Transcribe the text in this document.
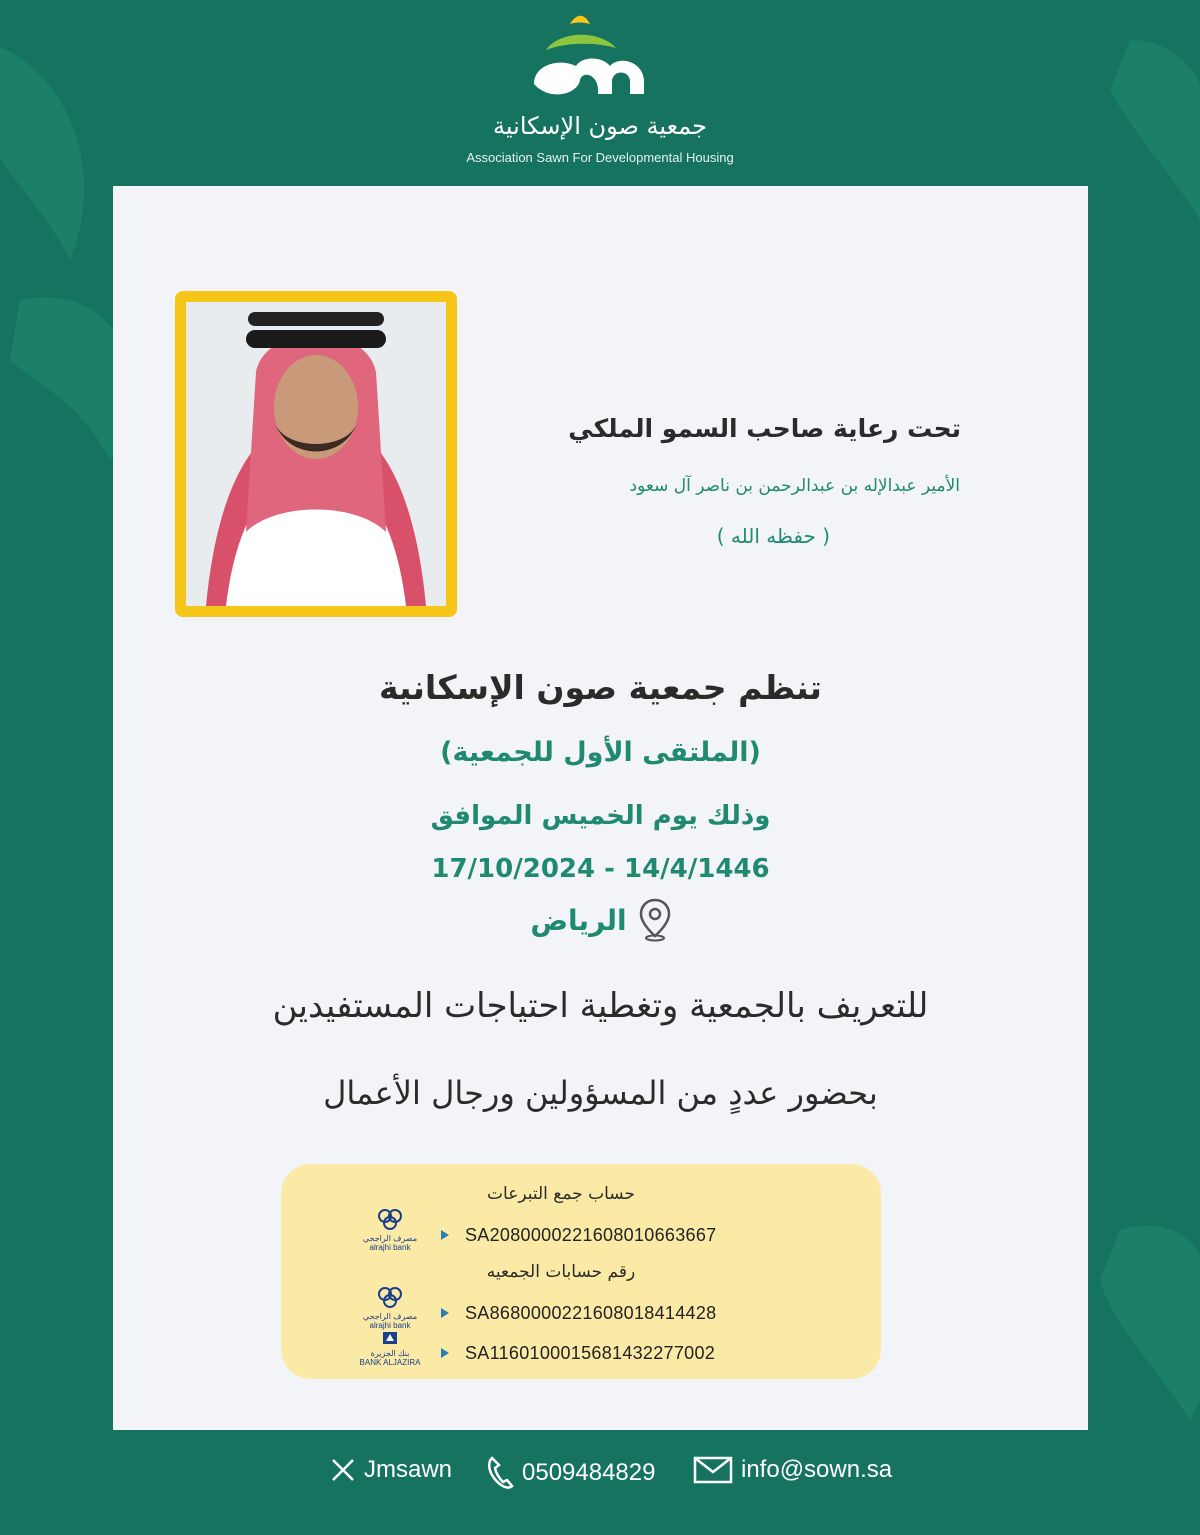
جمعية صون الإسكانية
Association Sawn For Developmental Housing
تحت رعاية صاحب السمو الملكي
الأمير عبدالإله بن عبدالرحمن بن ناصر آل سعود
( حفظه الله )
تنظم جمعية صون الإسكانية
(الملتقى الأول للجمعية)
وذلك يوم الخميس الموافق
17/10/2024 - 14/4/1446
الرياض
للتعريف بالجمعية وتغطية احتياجات المستفيدين
بحضور عددٍ من المسؤولين ورجال الأعمال
حساب جمع التبرعات
مصرف الراجحي
alrajhi bank
SA2080000221608010663667
رقم حسابات الجمعيه
مصرف الراجحي
alrajhi bank
SA8680000221608018414428
بنك الجزيرة
BANK ALJAZIRA SA1160100015681432277002
Jmsawn	0509484829	info@sown.sa
